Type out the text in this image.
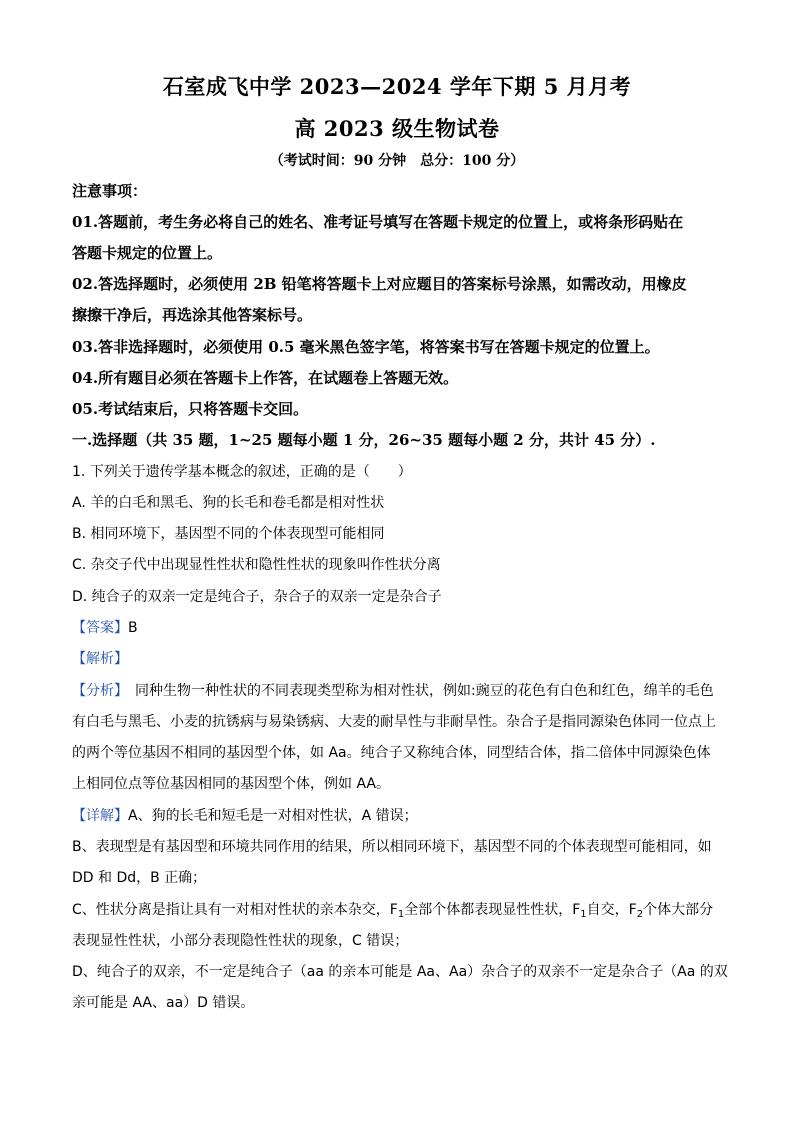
石室成飞中学 2023—2024 学年下期 5 月月考
高 2023 级生物试卷
（考试时间：90 分钟　总分：100 分）
注意事项：
01.答题前，考生务必将自己的姓名、准考证号填写在答题卡规定的位置上，或将条形码贴在
答题卡规定的位置上。
02.答选择题时，必须使用 2B 铅笔将答题卡上对应题目的答案标号涂黑，如需改动，用橡皮
擦擦干净后，再选涂其他答案标号。
03.答非选择题时，必须使用 0.5 毫米黑色签字笔，将答案书写在答题卡规定的位置上。
04.所有题目必须在答题卡上作答，在试题卷上答题无效。
05.考试结束后，只将答题卡交回。
一.选择题（共 35 题，1~25 题每小题 1 分，26~35 题每小题 2 分，共计 45 分）.
1. 下列关于遗传学基本概念的叙述，正确的是（　　）
A. 羊的白毛和黑毛、狗的长毛和卷毛都是相对性状
B. 相同环境下，基因型不同的个体表现型可能相同
C. 杂交子代中出现显性性状和隐性性状的现象叫作性状分离
D. 纯合子的双亲一定是纯合子，杂合子的双亲一定是杂合子
【答案】B
【解析】
【分析】　同种生物一种性状的不同表现类型称为相对性状，例如:豌豆的花色有白色和红色，绵羊的毛色
有白毛与黑毛、小麦的抗锈病与易染锈病、大麦的耐旱性与非耐旱性。杂合子是指同源染色体同一位点上
的两个等位基因不相同的基因型个体，如 Aa。纯合子又称纯合体，同型结合体，指二倍体中同源染色体
上相同位点等位基因相同的基因型个体，例如 AA。
【详解】A、狗的长毛和短毛是一对相对性状，A 错误；
B、表现型是有基因型和环境共同作用的结果，所以相同环境下，基因型不同的个体表现型可能相同，如
DD 和 Dd，B 正确；
C、性状分离是指让具有一对相对性状的亲本杂交，$F_1$全部个体都表现显性性状，$F_1$自交，$F_2$个体大部分
表现显性性状，小部分表现隐性性状的现象，C 错误；
D、纯合子的双亲，不一定是纯合子（aa 的亲本可能是 Aa、Aa）杂合子的双亲不一定是杂合子（Aa 的双
亲可能是 AA、aa）D 错误。
